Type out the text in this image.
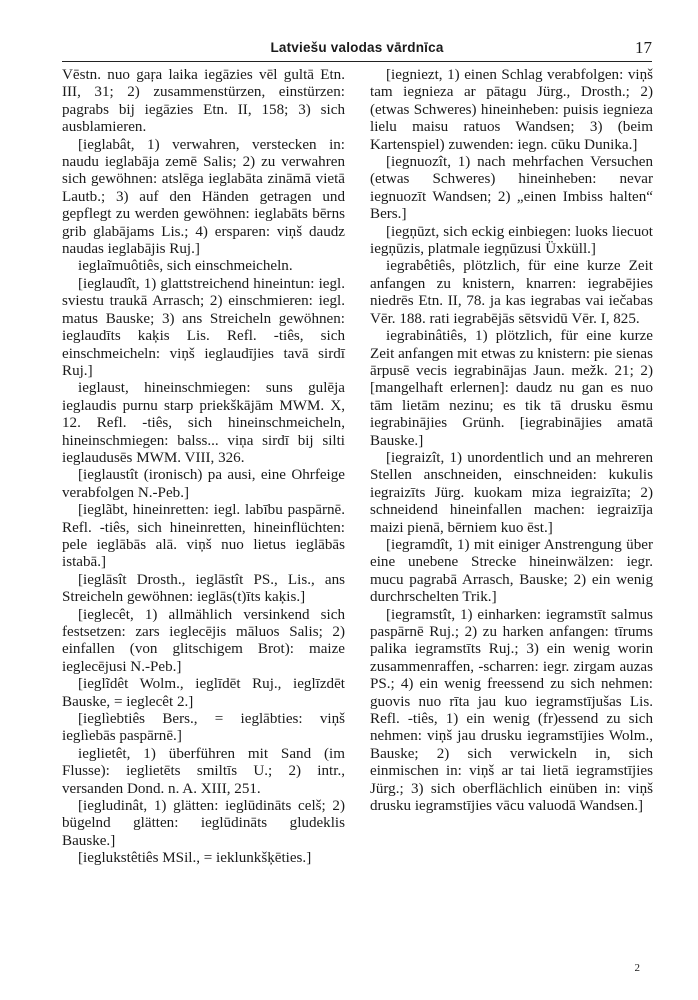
Latviešu valodas vārdnīca	17

Vēstn. nuo gaŗa laika iegāzies vēl gultā Etn. III, 31; 2) zusammenstürzen, einstürzen: pagrabs bij iegāzies Etn. II, 158; 3) sich ausblamieren.

[ieglabât, 1) verwahren, verstecken in: naudu ieglabāja zemē Salis; 2) zu verwahren sich gewöhnen: atslēga ieglabāta zināmā vietā Lautb.; 3) auf den Händen getragen und gepflegt zu werden gewöhnen: ieglabāts bērns grib glabājams Lis.; 4) ersparen: viņš daudz naudas ieglabājis Ruj.]

ieglaĩmuôtiês, sich einschmeicheln.

[ieglaudît, 1) glattstreichend hineintun: iegl. sviestu traukā Arrasch; 2) einschmieren: iegl. matus Bauske; 3) ans Streicheln gewöhnen: ieglaudīts kaķis Lis. Refl. -tiês, sich einschmeicheln: viņš ieglaudījies tavā sirdī Ruj.]

ieglaust, hineinschmiegen: suns gulēja ieglaudis purnu starp priekškājām MWM. X, 12. Refl. -tiês, sich hineinschmeicheln, hineinschmiegen: balss... viņa sirdī bij silti ieglaudusēs MWM. VIII, 326.

[ieglaustît (ironisch) pa ausi, eine Ohrfeige verabfolgen N.-Peb.]

[ieglãbt, hineinretten: iegl. labību paspārnē. Refl. -tiês, sich hineinretten, hineinflüchten: pele ieglābās alā. viņš nuo lietus ieglābās istabā.]

[ieglāsît Drosth., ieglāstît PS., Lis., ans Streicheln gewöhnen: ieglās(t)īts kaķis.]

[ieglecêt, 1) allmählich versinkend sich festsetzen: zars ieglecējis māluos Salis; 2) einfallen (von glitschigem Brot): maize ieglecējusi N.-Peb.]

[ieglĩdêt Wolm., ieglīdēt Ruj., ieglīzdēt Bauske, = ieglecêt 2.]

[ieglìebtiês Bers., = ieglābties: viņš ieglìebās paspārnē.]

ieglietêt, 1) überführen mit Sand (im Flusse): ieglietēts smiltīs U.; 2) intr., versanden Dond. n. A. XIII, 251.

[iegludinât, 1) glätten: ieglūdināts celš; 2) bügelnd glätten: ieglūdināts gludeklis Bauske.]

[ieglukstêtiês MSil., = ieklunkšķēties.]

[iegniezt, 1) einen Schlag verabfolgen: viņš tam iegnieza ar pātagu Jürg., Drosth.; 2) (etwas Schweres) hineinheben: puisis iegnieza lielu maisu ratuos Wandsen; 3) (beim Kartenspiel) zuwenden: iegn. cūku Dunika.]

[iegnuozît, 1) nach mehrfachen Versuchen (etwas Schweres) hineinheben: nevar iegnuozīt Wandsen; 2) „einen Imbiss halten“ Bers.]

[iegņūzt, sich eckig einbiegen: luoks liecuot iegņūzis, platmale iegņūzusi Üxküll.]

iegrabêtiês, plötzlich, für eine kurze Zeit anfangen zu knistern, knarren: iegrabējies niedrēs Etn. II, 78. ja kas iegrabas vai iečabas Vēr. 188. rati iegrabējās sētsvidū Vēr. I, 825.

iegrabinâtiês, 1) plötzlich, für eine kurze Zeit anfangen mit etwas zu knistern: pie sienas ārpusē vecis iegrabinājas Jaun. mežk. 21; 2) [mangelhaft erlernen]: daudz nu gan es nuo tām lietām nezinu; es tik tā drusku ēsmu iegrabinājies Grünh. [iegrabinājies amatā Bauske.]

[iegraizît, 1) unordentlich und an mehreren Stellen anschneiden, einschneiden: kukulis iegraizīts Jürg. kuokam miza iegraizīta; 2) schneidend hineinfallen machen: iegraizīja maizi pienā, bērniem kuo ēst.]

[iegramdît, 1) mit einiger Anstrengung über eine unebene Strecke hineinwälzen: iegr. mucu pagrabā Arrasch, Bauske; 2) ein wenig durchrschelten Trik.]

[iegramstît, 1) einharken: iegramstīt salmus paspārnē Ruj.; 2) zu harken anfangen: tīrums palika iegramstīts Ruj.; 3) ein wenig worin zusammenraffen, -scharren: iegr. zirgam auzas PS.; 4) ein wenig freessend zu sich nehmen: guovis nuo rīta jau kuo iegramstījušas Lis. Refl. -tiês, 1) ein wenig (fr)essend zu sich nehmen: viņš jau drusku iegramstījies Wolm., Bauske; 2) sich verwickeln in, sich einmischen in: viņš ar tai lietā iegramstījies Jürg.; 3) sich oberflächlich einüben in: viņš drusku iegramstījies vācu valuodā Wandsen.]

2
